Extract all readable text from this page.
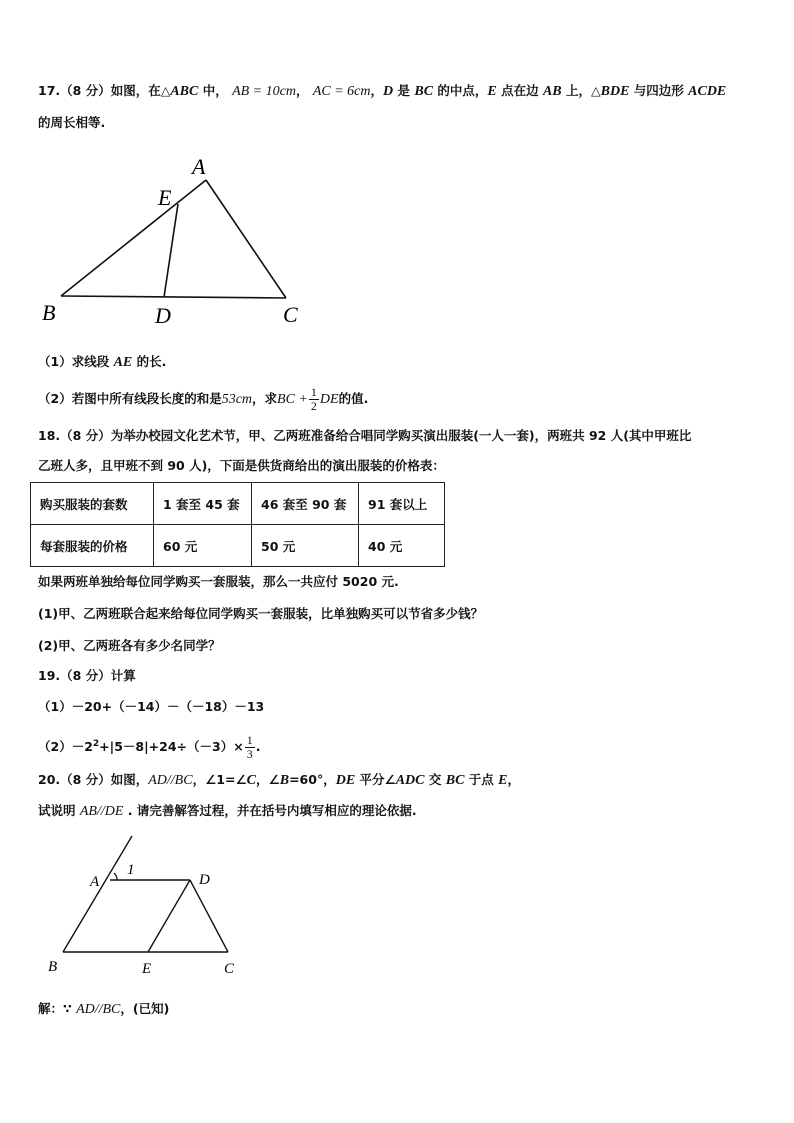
17.（8 分）如图，在△ABC 中， AB = 10cm， AC = 6cm，D 是 BC 的中点，E 点在边 AB 上，△BDE 与四边形 ACDE
的周长相等.
A
E
B	D	C
（1）求线段 AE 的长.
（2）若图中所有线段长度的和是53cm，求BC + $\frac{1}{2}$ DE的值.
18.（8 分）为举办校园文化艺术节，甲、乙两班准备给合唱同学购买演出服装(一人一套)，两班共 92 人(其中甲班比
乙班人多，且甲班不到 90 人)，下面是供货商给出的演出服装的价格表：
购买服装的套数	1 套至 45 套	46 套至 90 套	91 套以上
每套服装的价格	60 元	50 元	40 元
如果两班单独给每位同学购买一套服装，那么一共应付 5020 元.
(1)甲、乙两班联合起来给每位同学购买一套服装，比单独购买可以节省多少钱？
(2)甲、乙两班各有多少名同学？
19.（8 分）计算
（1）－20+（－14）－（－18）－13
$(2)-2^2+|5-8|+24\div(-3)\times \frac{1}{3}$ .
20.（8 分）如图，AD//BC，∠1=∠C，∠B=60°，DE 平分∠ADC 交 BC 于点 E，
试说明 AB//DE . 请完善解答过程，并在括号内填写相应的理论依据.
1
A	D
B	E	C
解：∵ AD//BC，(已知)
